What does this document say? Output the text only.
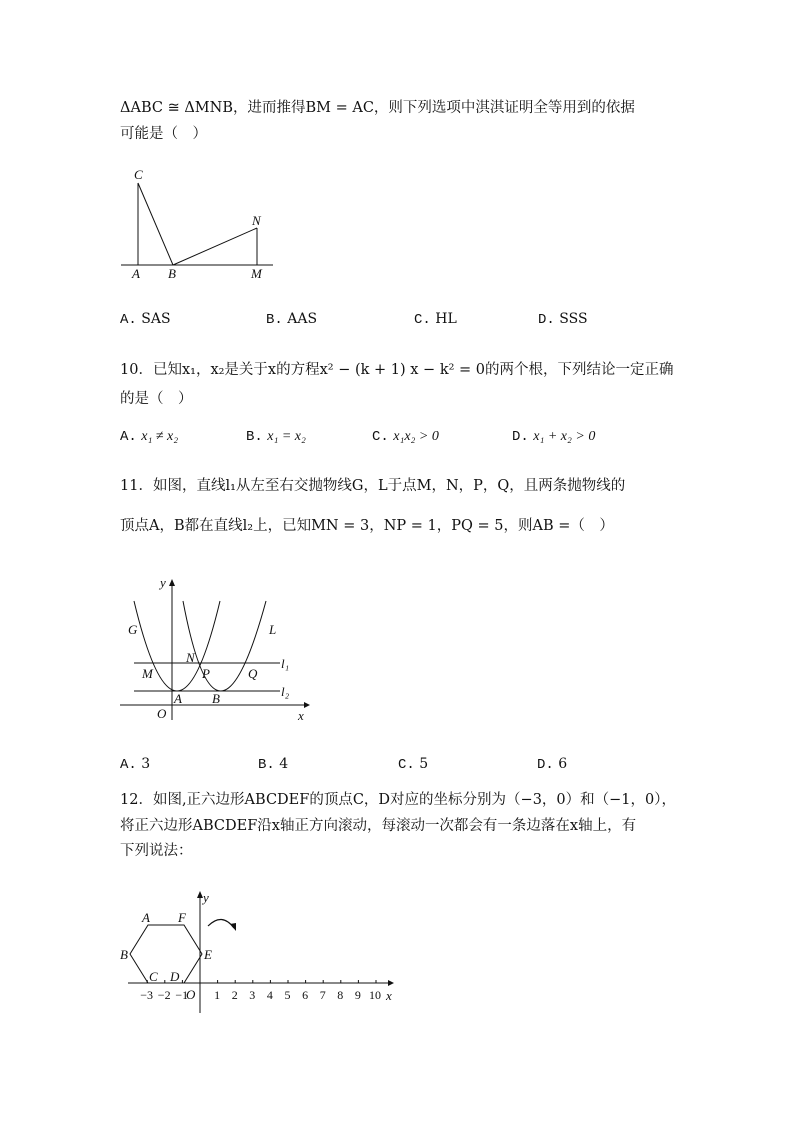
ΔABC ≅ ΔMNB，进而推得BM = AC，则下列选项中淇淇证明全等用到的依据
可能是（　）
C
N
A B	M
A. SAS	B. AAS	C. HL	D. SSS
10．已知x₁，x₂是关于x的方程x² − (k + 1) x − k² = 0的两个根，下列结论一定正确
的是（　）
A. x₁ ≠ x₂	B. x₁ = x₂	C. x₁x₂ > 0	D. x₁ + x₂ > 0
11．如图，直线l₁从左至右交抛物线G，L于点M，N，P，Q，且两条抛物线的
顶点A，B都在直线l₂上，已知MN = 3，NP = 1，PQ = 5，则AB =（　）
y
x
G	L
N
M	P	Q
A B
O
l₁
l₂
A. 3	B. 4	C. 5	D. 6
12．如图,正六边形ABCDEF的顶点C，D对应的坐标分别为（−3，0）和（−1，0），
将正六边形ABCDEF沿x轴正方向滚动，每滚动一次都会有一条边落在x轴上，有
下列说法：
−3 −2 −1 1 2 3 4 5 6 7 8 9 10
y
x
A F
B	E
C D
O
